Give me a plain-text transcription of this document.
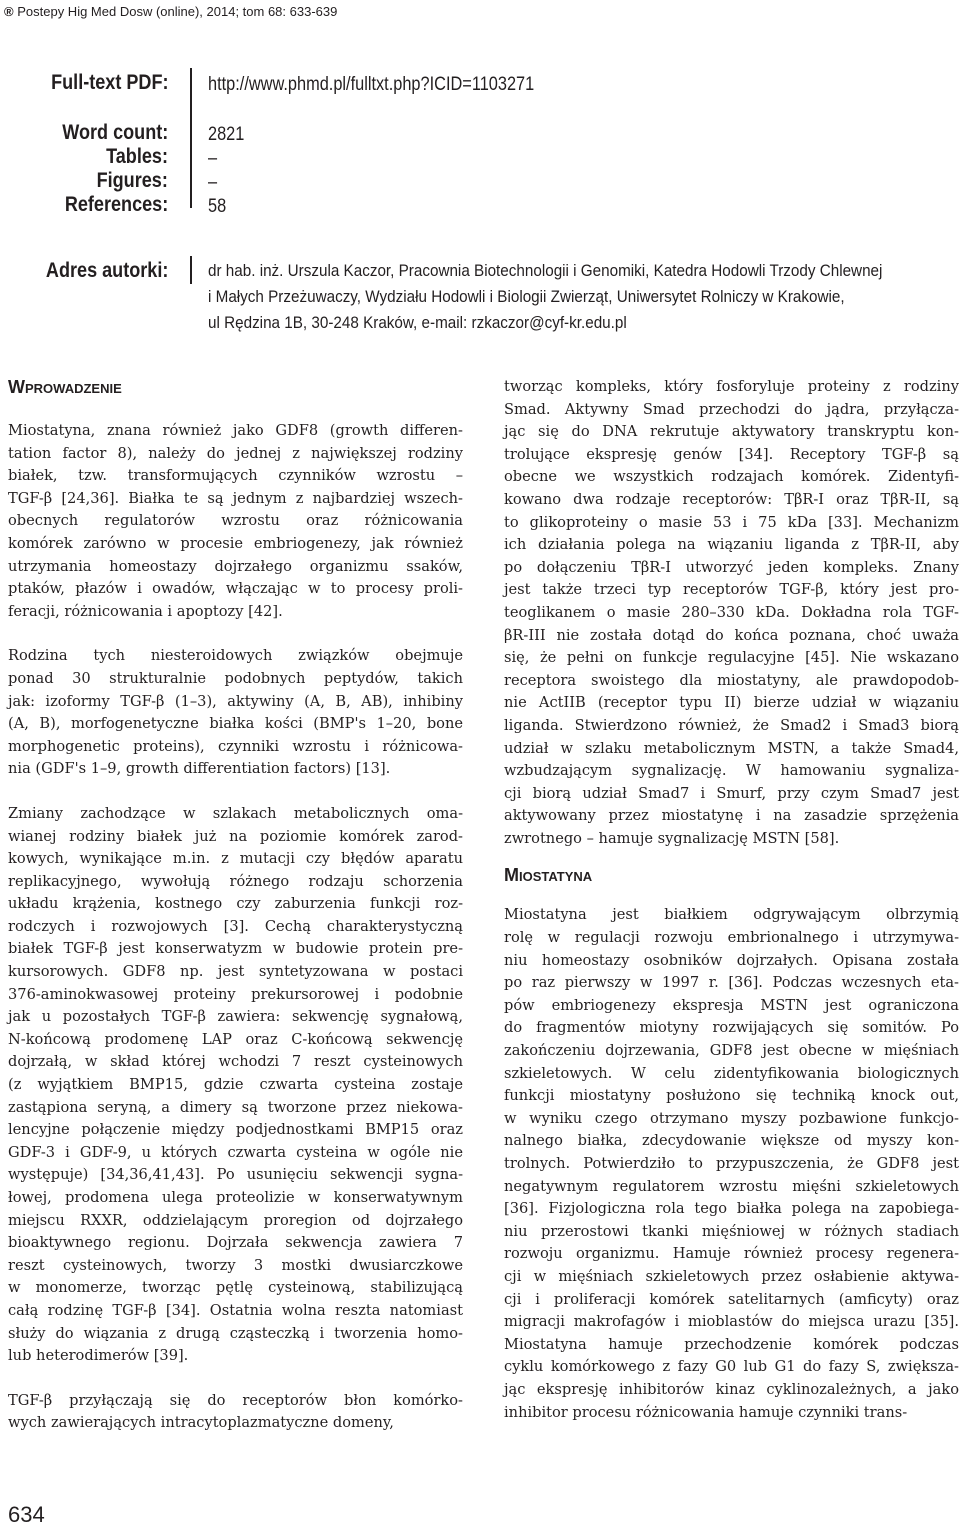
® Postepy Hig Med Dosw (online), 2014; tom 68: 633-639
Full-text PDF: http://www.phmd.pl/fulltxt.php?ICID=1103271
Word count: 2821
Tables: –
Figures: –
References: 58
Adres autorki: dr hab. inż. Urszula Kaczor, Pracownia Biotechnologii i Genomiki, Katedra Hodowli Trzody Chlewnej
i Małych Przeżuwaczy, Wydziału Hodowli i Biologii Zwierząt, Uniwersytet Rolniczy w Krakowie,
ul Rędzina 1B, 30-248 Kraków, e-mail: rzkaczor@cyf-kr.edu.pl
Wprowadzenie
Miostatyna, znana również jako GDF8 (growth differen-
tation factor 8), należy do jednej z największej rodziny
białek, tzw. transformujących czynników wzrostu –
TGF-β [24,36]. Białka te są jednym z najbardziej wszech-
obecnych regulatorów wzrostu oraz różnicowania
komórek zarówno w procesie embriogenezy, jak również
utrzymania homeostazy dojrzałego organizmu ssaków,
ptaków, płazów i owadów, włączając w to procesy proli-
feracji, różnicowania i apoptozy [42].
Rodzina tych niesteroidowych związków obejmuje
ponad 30 strukturalnie podobnych peptydów, takich
jak: izoformy TGF-β (1–3), aktywiny (A, B, AB), inhibiny
(A, B), morfogenetyczne białka kości (BMP's 1–20, bone
morphogenetic proteins), czynniki wzrostu i różnicowa-
nia (GDF's 1–9, growth differentiation factors) [13].
Zmiany zachodzące w szlakach metabolicznych oma-
wianej rodziny białek już na poziomie komórek zarod-
kowych, wynikające m.in. z mutacji czy błędów aparatu
replikacyjnego, wywołują różnego rodzaju schorzenia
układu krążenia, kostnego czy zaburzenia funkcji roz-
rodczych i rozwojowych [3]. Cechą charakterystyczną
białek TGF-β jest konserwatyzm w budowie protein pre-
kursorowych. GDF8 np. jest syntetyzowana w postaci
376-aminokwasowej proteiny prekursorowej i podobnie
jak u pozostałych TGF-β zawiera: sekwencję sygnałową,
N-końcową prodomenę LAP oraz C-końcową sekwencję
dojrzałą, w skład której wchodzi 7 reszt cysteinowych
(z wyjątkiem BMP15, gdzie czwarta cysteina zostaje
zastąpiona seryną, a dimery są tworzone przez niekowa-
lencyjne połączenie między podjednostkami BMP15 oraz
GDF-3 i GDF-9, u których czwarta cysteina w ogóle nie
występuje) [34,36,41,43]. Po usunięciu sekwencji sygna-
łowej, prodomena ulega proteolizie w konserwatywnym
miejscu RXXR, oddzielającym proregion od dojrzałego
bioaktywnego regionu. Dojrzała sekwencja zawiera 7
reszt cysteinowych, tworzy 3 mostki dwusiarczkowe
w monomerze, tworząc pętlę cysteinową, stabilizującą
całą rodzinę TGF-β [34]. Ostatnia wolna reszta natomiast
służy do wiązania z drugą cząsteczką i tworzenia homo-
lub heterodimerów [39].
TGF-β przyłączają się do receptorów błon komórko-
wych zawierających intracytoplazmatyczne domeny,
tworząc kompleks, który fosforyluje proteiny z rodziny
Smad. Aktywny Smad przechodzi do jądra, przyłącza-
jąc się do DNA rekrutuje aktywatory transkryptu kon-
trolujące ekspresję genów [34]. Receptory TGF-β są
obecne we wszystkich rodzajach komórek. Zidentyfi-
kowano dwa rodzaje receptorów: TβR-I oraz TβR-II, są
to glikoproteiny o masie 53 i 75 kDa [33]. Mechanizm
ich działania polega na wiązaniu liganda z TβR-II, aby
po dołączeniu TβR-I utworzyć jeden kompleks. Znany
jest także trzeci typ receptorów TGF-β, który jest pro-
teoglikanem o masie 280–330 kDa. Dokładna rola TGF-
βR-III nie została dotąd do końca poznana, choć uważa
się, że pełni on funkcje regulacyjne [45]. Nie wskazano
receptora swoistego dla miostatyny, ale prawdopodob-
nie ActIIB (receptor typu II) bierze udział w wiązaniu
liganda. Stwierdzono również, że Smad2 i Smad3 biorą
udział w szlaku metabolicznym MSTN, a także Smad4,
wzbudzającym sygnalizację. W hamowaniu sygnaliza-
cji biorą udział Smad7 i Smurf, przy czym Smad7 jest
aktywowany przez miostatynę i na zasadzie sprzężenia
zwrotnego – hamuje sygnalizację MSTN [58].
Miostatyna
Miostatyna jest białkiem odgrywającym olbrzymią
rolę w regulacji rozwoju embrionalnego i utrzymywa-
niu homeostazy osobników dojrzałych. Opisana została
po raz pierwszy w 1997 r. [36]. Podczas wczesnych eta-
pów embriogenezy ekspresja MSTN jest ograniczona
do fragmentów miotyny rozwijających się somitów. Po
zakończeniu dojrzewania, GDF8 jest obecne w mięśniach
szkieletowych. W celu zidentyfikowania biologicznych
funkcji miostatyny posłużono się techniką knock out,
w wyniku czego otrzymano myszy pozbawione funkcjo-
nalnego białka, zdecydowanie większe od myszy kon-
trolnych. Potwierdziło to przypuszczenia, że GDF8 jest
negatywnym regulatorem wzrostu mięśni szkieletowych
[36]. Fizjologiczna rola tego białka polega na zapobiega-
niu przerostowi tkanki mięśniowej w różnych stadiach
rozwoju organizmu. Hamuje również procesy regenera-
cji w mięśniach szkieletowych przez osłabienie aktywa-
cji i proliferacji komórek satelitarnych (amficyty) oraz
migracji makrofagów i mioblastów do miejsca urazu [35].
Miostatyna hamuje przechodzenie komórek podczas
cyklu komórkowego z fazy G0 lub G1 do fazy S, zwiększa-
jąc ekspresję inhibitorów kinaz cyklinozależnych, a jako
inhibitor procesu różnicowania hamuje czynniki trans-
634
